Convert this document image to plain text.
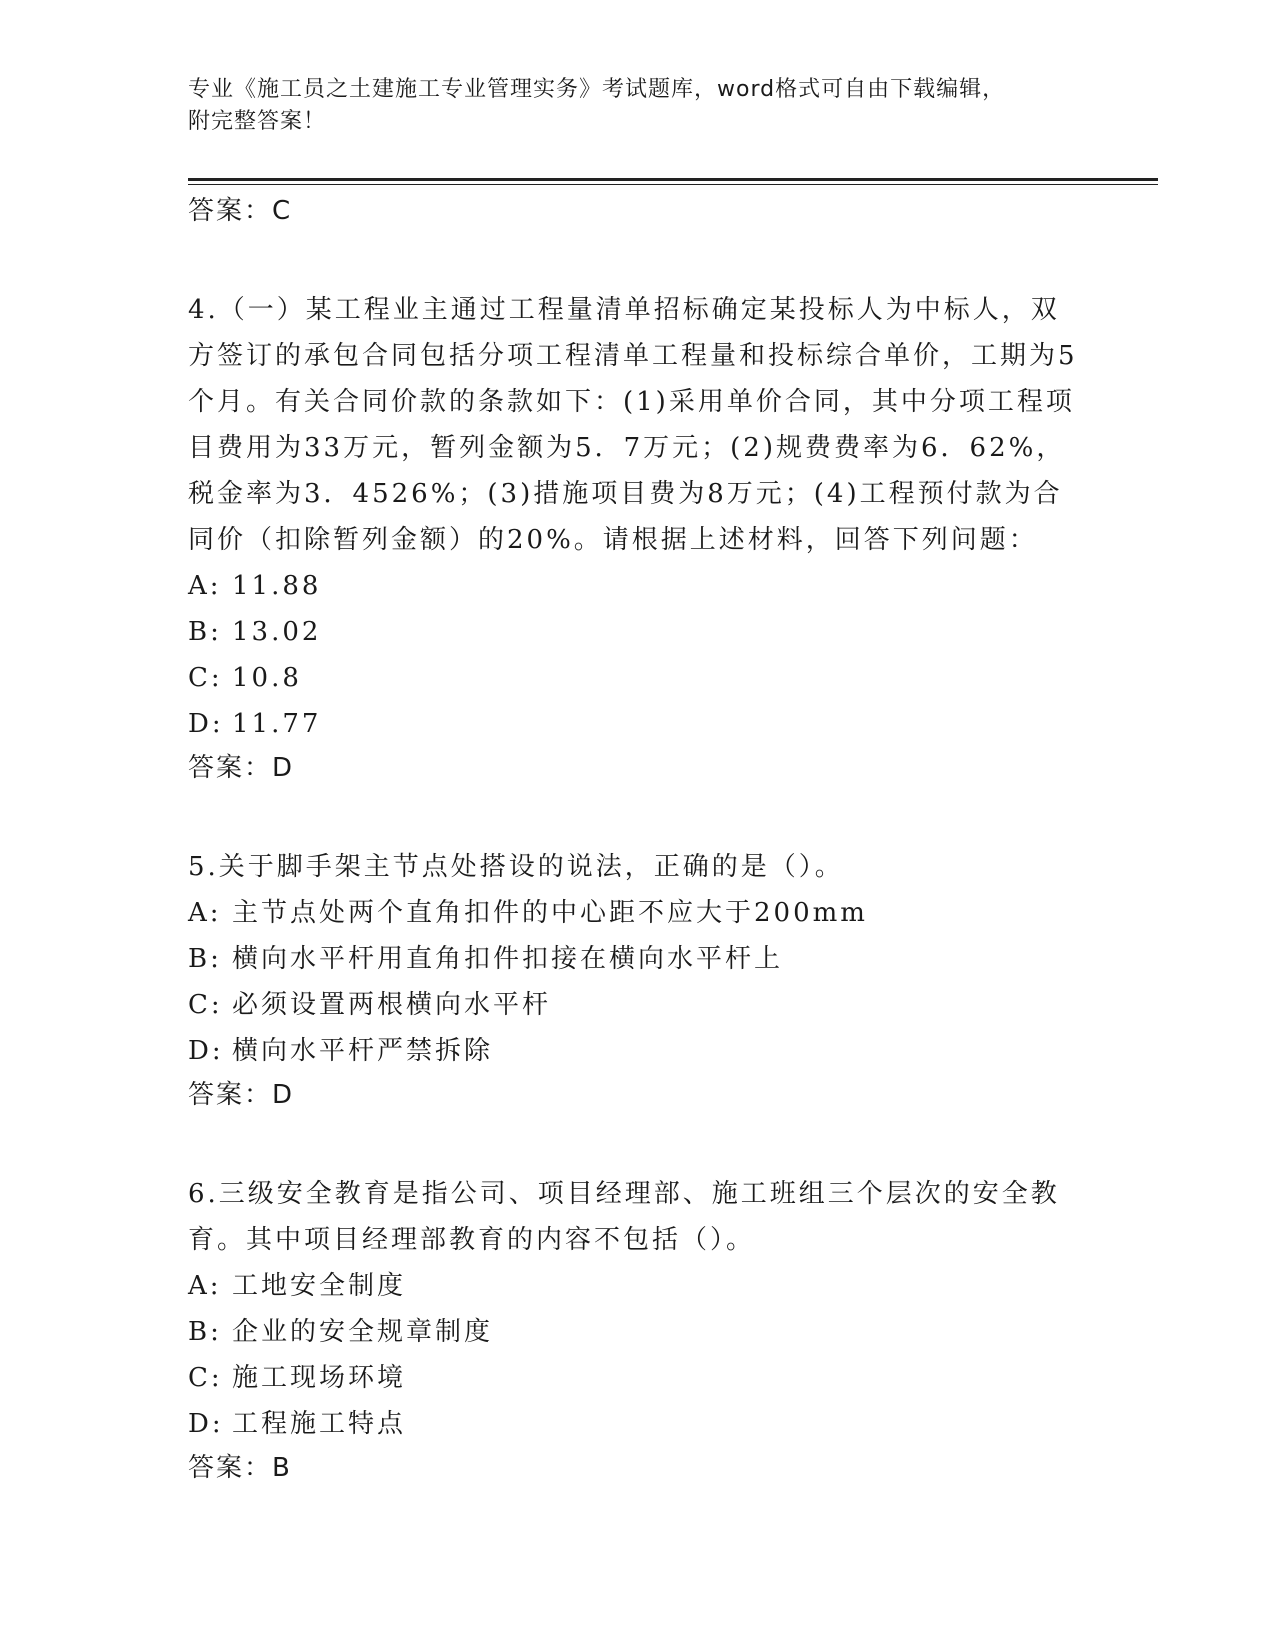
专业《施工员之土建施工专业管理实务》考试题库，word格式可自由下载编辑，
附完整答案！
答案：C

4.（一）某工程业主通过工程量清单招标确定某投标人为中标人，双方签订的承包合同包括分项工程清单工程量和投标综合单价，工期为5个月。有关合同价款的条款如下：(1)采用单价合同，其中分项工程项目费用为33万元，暂列金额为5．7万元；(2)规费费率为6．62%，税金率为3．4526%；(3)措施项目费为8万元；(4)工程预付款为合同价（扣除暂列金额）的20%。请根据上述材料，回答下列问题：

A: 11.88
B: 13.02
C: 10.8
D: 11.77
答案：D

5.关于脚手架主节点处搭设的说法，正确的是（）。

A: 主节点处两个直角扣件的中心距不应大于200mm
B: 横向水平杆用直角扣件扣接在横向水平杆上
C: 必须设置两根横向水平杆
D: 横向水平杆严禁拆除
答案：D

6.三级安全教育是指公司、项目经理部、施工班组三个层次的安全教育。其中项目经理部教育的内容不包括（）。

A: 工地安全制度
B: 企业的安全规章制度
C: 施工现场环境
D: 工程施工特点
答案：B
